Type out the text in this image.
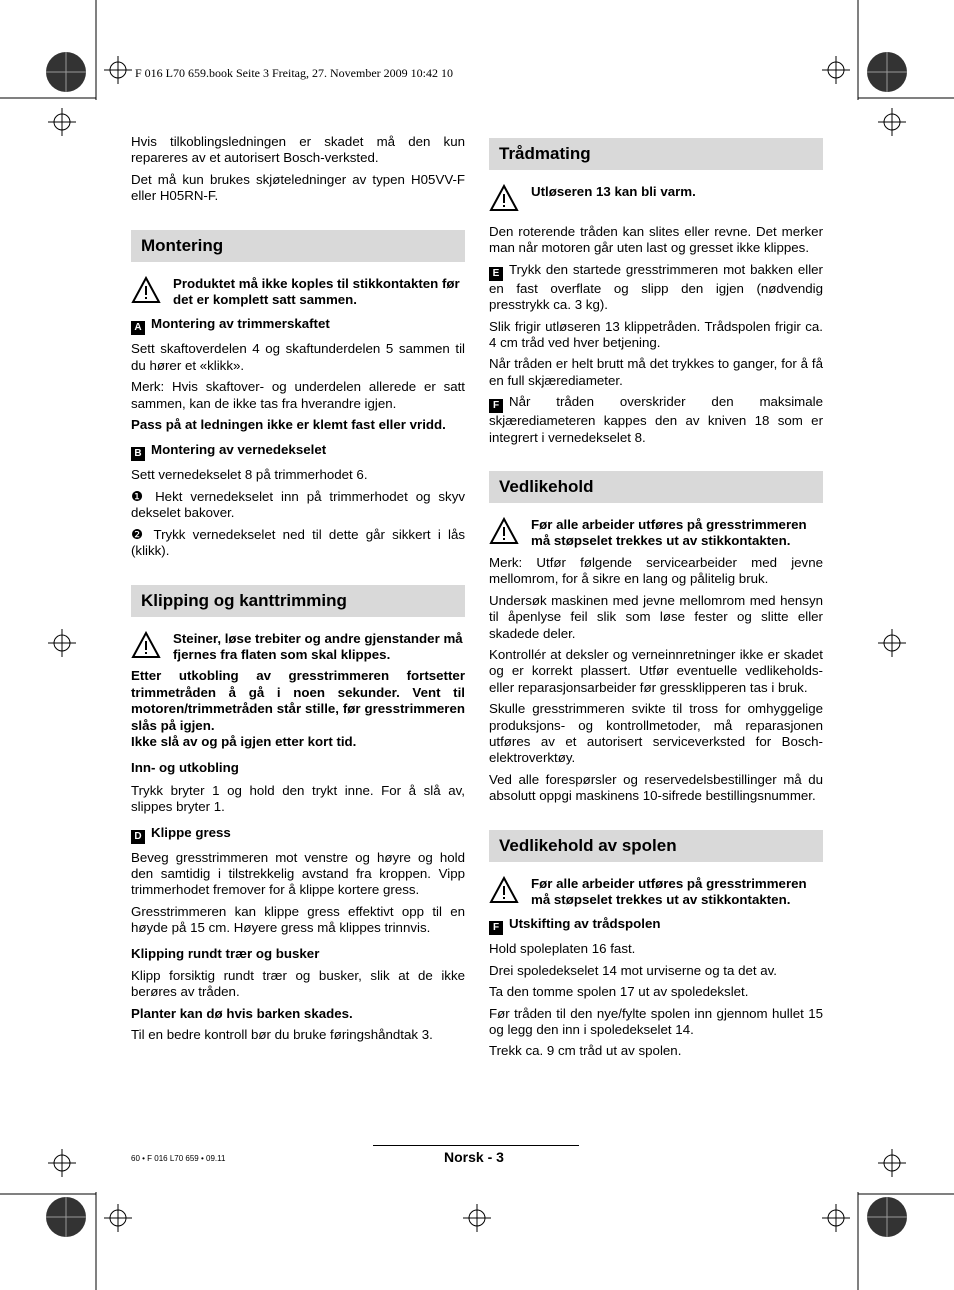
F 016 L70 659.book Seite 3 Freitag, 27. November 2009 10:42 10

Hvis tilkoblingsledningen er skadet må den kun repareres av et autorisert Bosch-verksted.

Det må kun brukes skjøteledninger av typen H05VV-F eller H05RN-F.

Montering
Produktet må ikke koples til stikkontakten før det er komplett satt sammen.
A Montering av trimmerskaftet

Sett skaftoverdelen 4 og skaftunderdelen 5 sammen til du hører et «klikk».

Merk: Hvis skaftover- og underdelen allerede er satt sammen, kan de ikke tas fra hverandre igjen.

Pass på at ledningen ikke er klemt fast eller vridd.

B Montering av vernedekselet

Sett vernedekselet 8 på trimmerhodet 6.

❶ Hekt vernedekselet inn på trimmerhodet og skyv dekselet bakover.

❷ Trykk vernedekselet ned til dette går sikkert i lås (klikk).

Klipping og kanttrimming
Steiner, løse trebiter og andre gjenstander må fjernes fra flaten som skal klippes.

Etter utkobling av gresstrimmeren fortsetter trimmetråden å gå i noen sekunder. Vent til motoren/trimmetråden står stille, før gresstrimmeren slås på igjen.

Ikke slå av og på igjen etter kort tid.

Inn- og utkobling

Trykk bryter 1 og hold den trykt inne. For å slå av, slippes bryter 1.

D Klippe gress

Beveg gresstrimmeren mot venstre og høyre og hold den samtidig i tilstrekkelig avstand fra kroppen. Vipp trimmerhodet fremover for å klippe kortere gress.

Gresstrimmeren kan klippe gress effektivt opp til en høyde på 15 cm. Høyere gress må klippes trinnvis.

Klipping rundt trær og busker

Klipp forsiktig rundt trær og busker, slik at de ikke berøres av tråden.

Planter kan dø hvis barken skades.

Til en bedre kontroll bør du bruke føringshåndtak 3.

Trådmating
Utløseren 13 kan bli varm.

Den roterende tråden kan slites eller revne. Det merker man når motoren går uten last og gresset ikke klippes.

E Trykk den startede gresstrimmeren mot bakken eller en fast overflate og slipp den igjen (nødvendig presstrykk ca. 3 kg).

Slik frigir utløseren 13 klippetråden. Trådspolen frigir ca. 4 cm tråd ved hver betjening.

Når tråden er helt brutt må det trykkes to ganger, for å få en full skjærediameter.

F Når tråden overskrider den maksimale skjærediameteren kappes den av kniven 18 som er integrert i vernedekselet 8.

Vedlikehold
Før alle arbeider utføres på gresstrimmeren må støpselet trekkes ut av stikkontakten.

Merk: Utfør følgende servicearbeider med jevne mellomrom, for å sikre en lang og pålitelig bruk.

Undersøk maskinen med jevne mellomrom med hensyn til åpenlyse feil slik som løse fester og slitte eller skadede deler.

Kontrollér at deksler og verneinnretninger ikke er skadet og er korrekt plassert. Utfør eventuelle vedlikeholds- eller reparasjonsarbeider før gressklipperen tas i bruk.

Skulle gresstrimmeren svikte til tross for omhyggelige produksjons- og kontrollmetoder, må reparasjonen utføres av et autorisert serviceverksted for Bosch-elektroverktøy.

Ved alle forespørsler og reservedelsbestillinger må du absolutt oppgi maskinens 10-sifrede bestillingsnummer.

Vedlikehold av spolen
Før alle arbeider utføres på gresstrimmeren må støpselet trekkes ut av stikkontakten.
F Utskifting av trådspolen

Hold spoleplaten 16 fast.

Drei spoledekselet 14 mot urviserne og ta det av.

Ta den tomme spolen 17 ut av spoledekslet.

Før tråden til den nye/fylte spolen inn gjennom hullet 15 og legg den inn i spoledekselet 14.

Trekk ca. 9 cm tråd ut av spolen.

60 • F 016 L70 659 • 09.11	Norsk - 3
